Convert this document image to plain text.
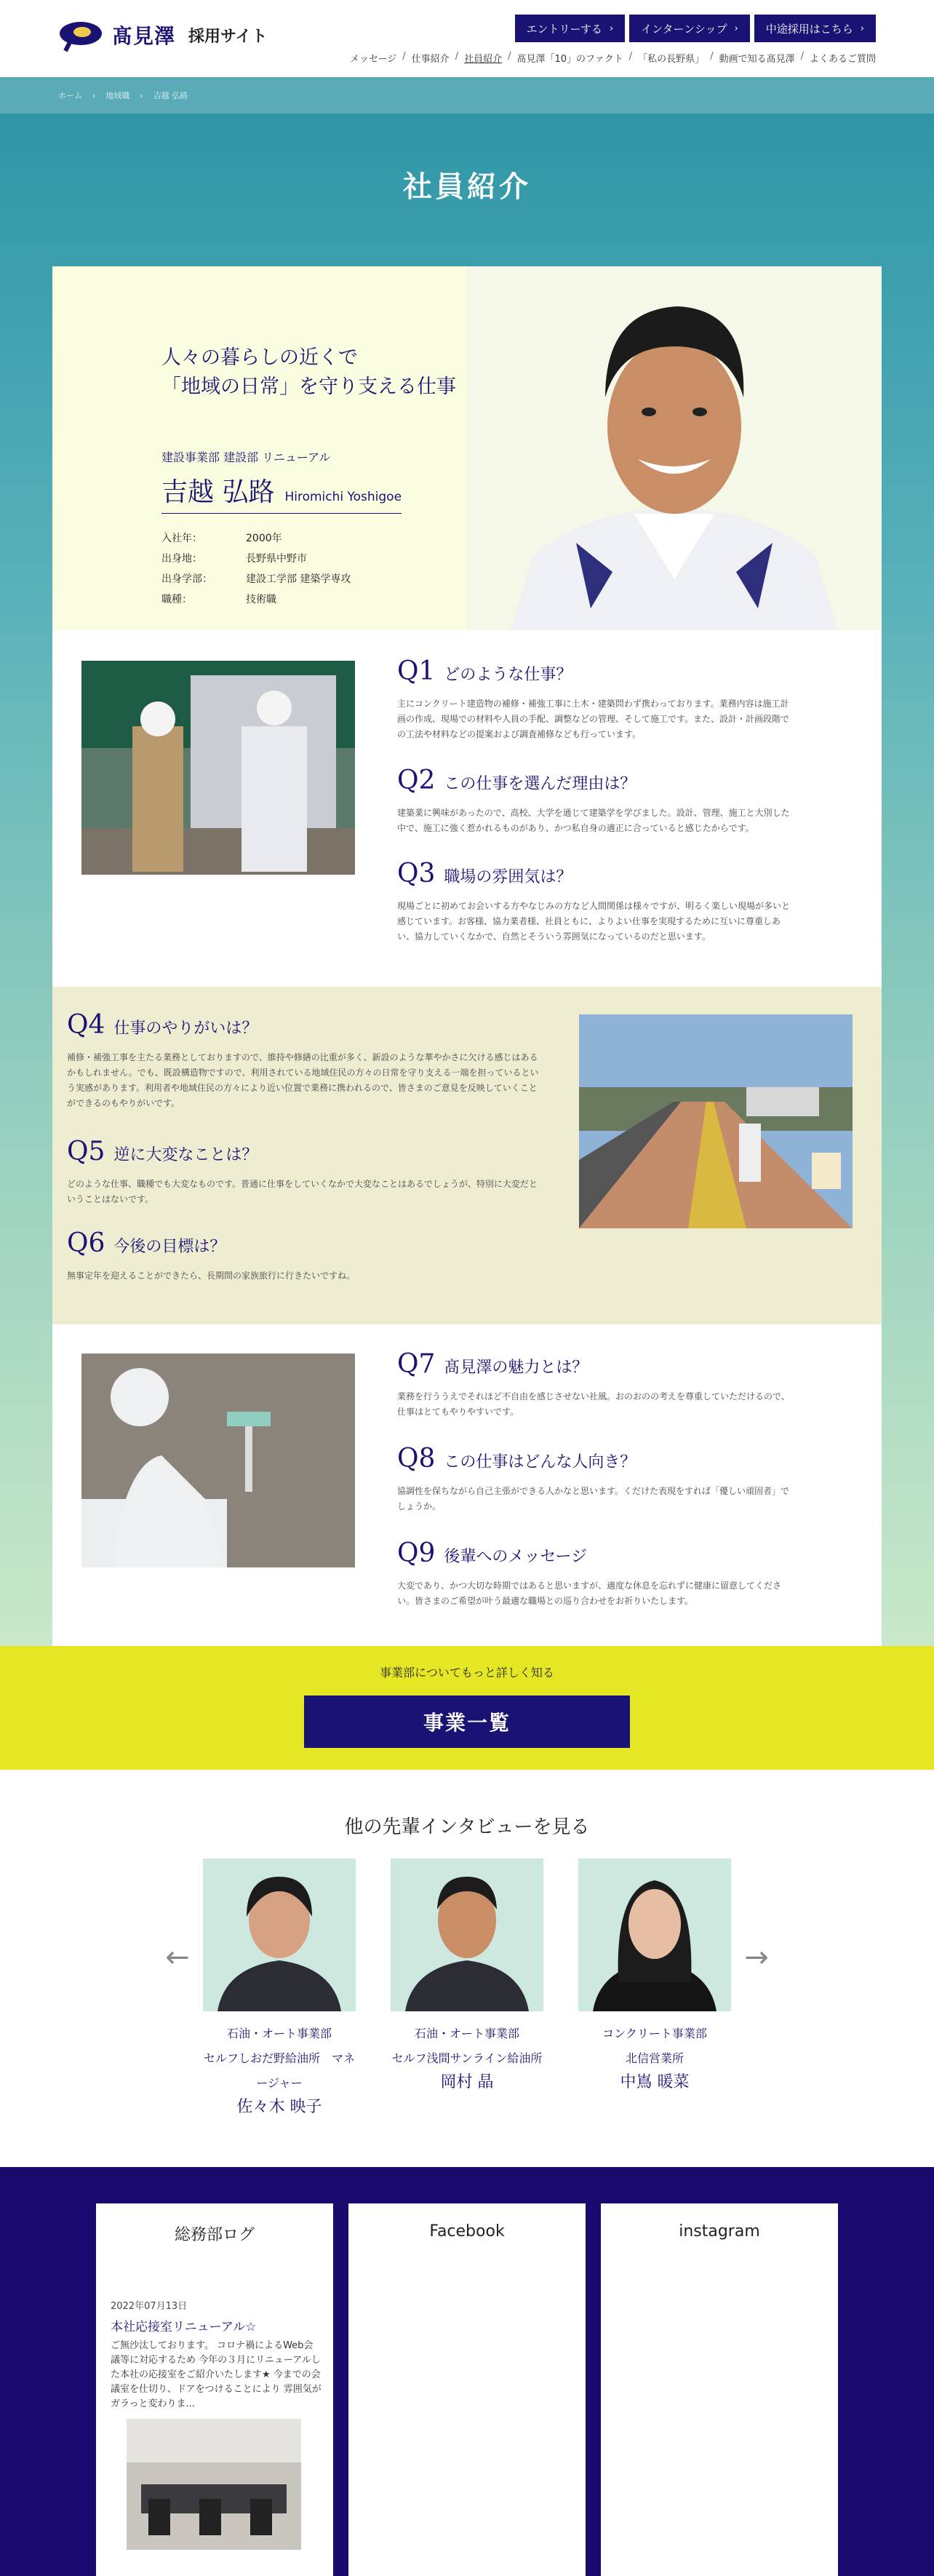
髙見澤 採用サイト	エントリーする ›	インターンシップ ›	中途採用はこちら ›
メッセージ / 仕事紹介 / 社員紹介 / 髙見澤「10」のファクト / 「私の長野県」 / 動画で知る髙見澤 / よくあるご質問
ホーム › 地域職 › 吉越 弘路
社員紹介
人々の暮らしの近くで
「地域の日常」を守り支える仕事
建設事業部 建設部 リニューアル
吉越 弘路 Hiromichi Yoshigoe
入社年：	2000年
出身地：	長野県中野市
出身学部：	建設工学部 建築学専攻
職種：	技術職
Q1 どのような仕事？

主にコンクリート建造物の補修・補強工事に土木・建築問わず携わっております。業務内容は施工計画の作成、現場での材料や人員の手配、調整などの管理、そして施工です。また、設計・計画段階での工法や材料などの提案および調査補修なども行っています。

Q2 この仕事を選んだ理由は？

建築業に興味があったので、高校、大学を通じて建築学を学びました。設計、管理、施工と大別した中で、施工に強く惹かれるものがあり、かつ私自身の適正に合っていると感じたからです。

Q3 職場の雰囲気は？

現場ごとに初めてお会いする方やなじみの方など人間関係は様々ですが、明るく楽しい現場が多いと感じています。お客様、協力業者様、社員ともに、よりよい仕事を実現するために互いに尊重しあい、協力していくなかで、自然とそういう雰囲気になっているのだと思います。

Q4 仕事のやりがいは？

補修・補強工事を主たる業務としておりますので、維持や修繕の比重が多く、新設のような華やかさに欠ける感じはあるかもしれません。でも、既設構造物ですので、利用されている地域住民の方々の日常を守り支える一端を担っているという実感があります。利用者や地域住民の方々により近い位置で業務に携われるので、皆さまのご意見を反映していくことができるのもやりがいです。

Q5 逆に大変なことは？

どのような仕事、職種でも大変なものです。普通に仕事をしていくなかで大変なことはあるでしょうが、特別に大変だということはないです。

Q6 今後の目標は？

無事定年を迎えることができたら、長期間の家族旅行に行きたいですね。

Q7 髙見澤の魅力とは？

業務を行ううえでそれほど不自由を感じさせない社風。おのおのの考えを尊重していただけるので、仕事はとてもやりやすいです。

Q8 この仕事はどんな人向き？

協調性を保ちながら自己主張ができる人かなと思います。くだけた表現をすれば「優しい頑固者」でしょうか。

Q9 後輩へのメッセージ

大変であり、かつ大切な時期ではあると思いますが、適度な休息を忘れずに健康に留意してください。皆さまのご希望が叶う最適な職場との巡り合わせをお祈りいたします。

事業部についてもっと詳しく知る
事業一覧
他の先輩インタビューを見る
←	→
石油・オート事業部
セルフしおだ野給油所　マネージャー
佐々木 映子
石油・オート事業部
セルフ浅間サンライン給油所
岡村 晶
コンクリート事業部
北信営業所
中嶌 暖菜
総務部ログ
2022年07月13日
本社応接室リニューアル☆
ご無沙汰しております。 コロナ禍によるWeb会議等に対応するため 今年の３月にリニューアルした本社の応接室をご紹介いたします★ 今までの会議室を仕切り、ドアをつけることにより 雰囲気がガラっと変わりま...
Facebook	instagram
